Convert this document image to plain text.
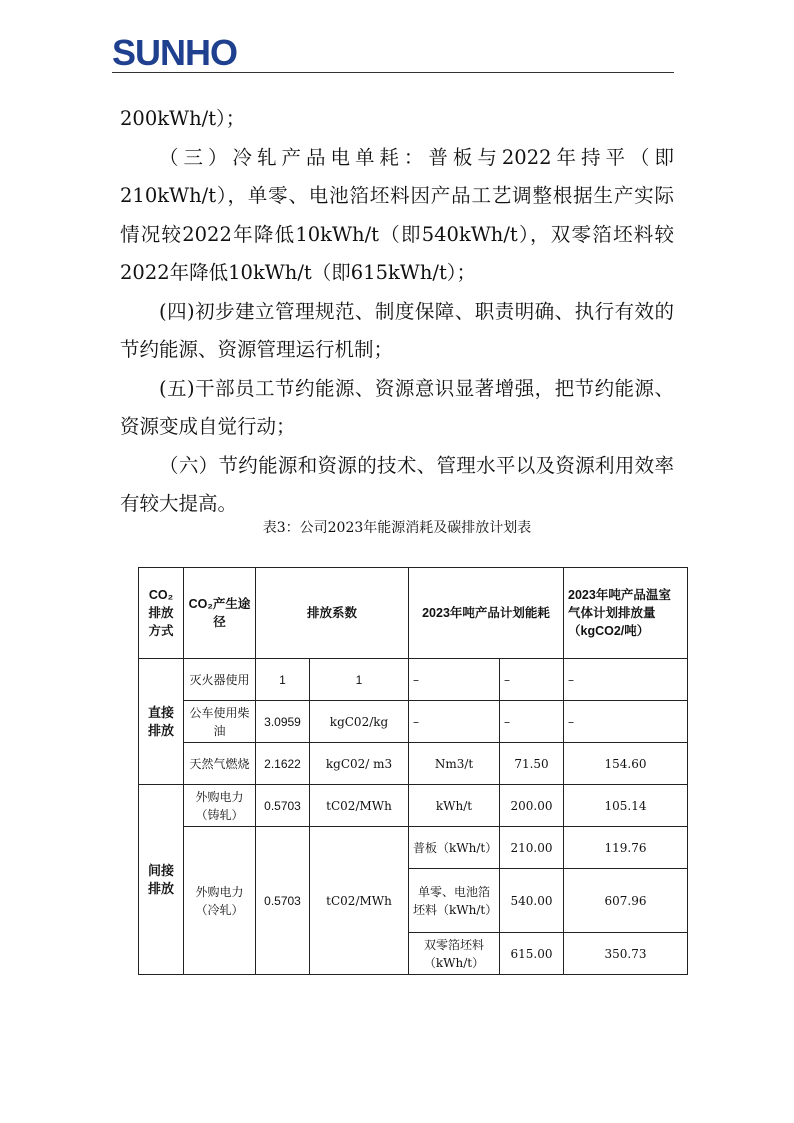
SUNHO

200kWh/t）；

（三）冷轧产品电单耗：普板与2022年持平（即210kWh/t），单零、电池箔坯料因产品工艺调整根据生产实际情况较2022年降低10kWh/t（即540kWh/t），双零箔坯料较2022年降低10kWh/t（即615kWh/t）；

(四)初步建立管理规范、制度保障、职责明确、执行有效的节约能源、资源管理运行机制；

(五)干部员工节约能源、资源意识显著增强，把节约能源、资源变成自觉行动；

（六）节约能源和资源的技术、管理水平以及资源利用效率有较大提高。

表3：公司2023年能源消耗及碳排放计划表
CO₂排放方式	CO₂产生途径	排放系数		2023年吨产品计划能耗		2023年吨产品温室气体计划排放量（kgCO2/吨）
直接排放	灭火器使用	1	1	–	–	–
	公车使用柴油	3.0959	kgC02/kg	–	–	–
	天然气燃烧	2.1622	kgC02/ m3	Nm3/t	71.50	154.60
间接排放	外购电力（铸轧）	0.5703	tC02/MWh	kWh/t	200.00	105.14
	外购电力（冷轧）	0.5703	tC02/MWh	普板（kWh/t）	210.00	119.76
				单零、电池箔坯料（kWh/t）	540.00	607.96
				双零箔坯料（kWh/t）	615.00	350.73
